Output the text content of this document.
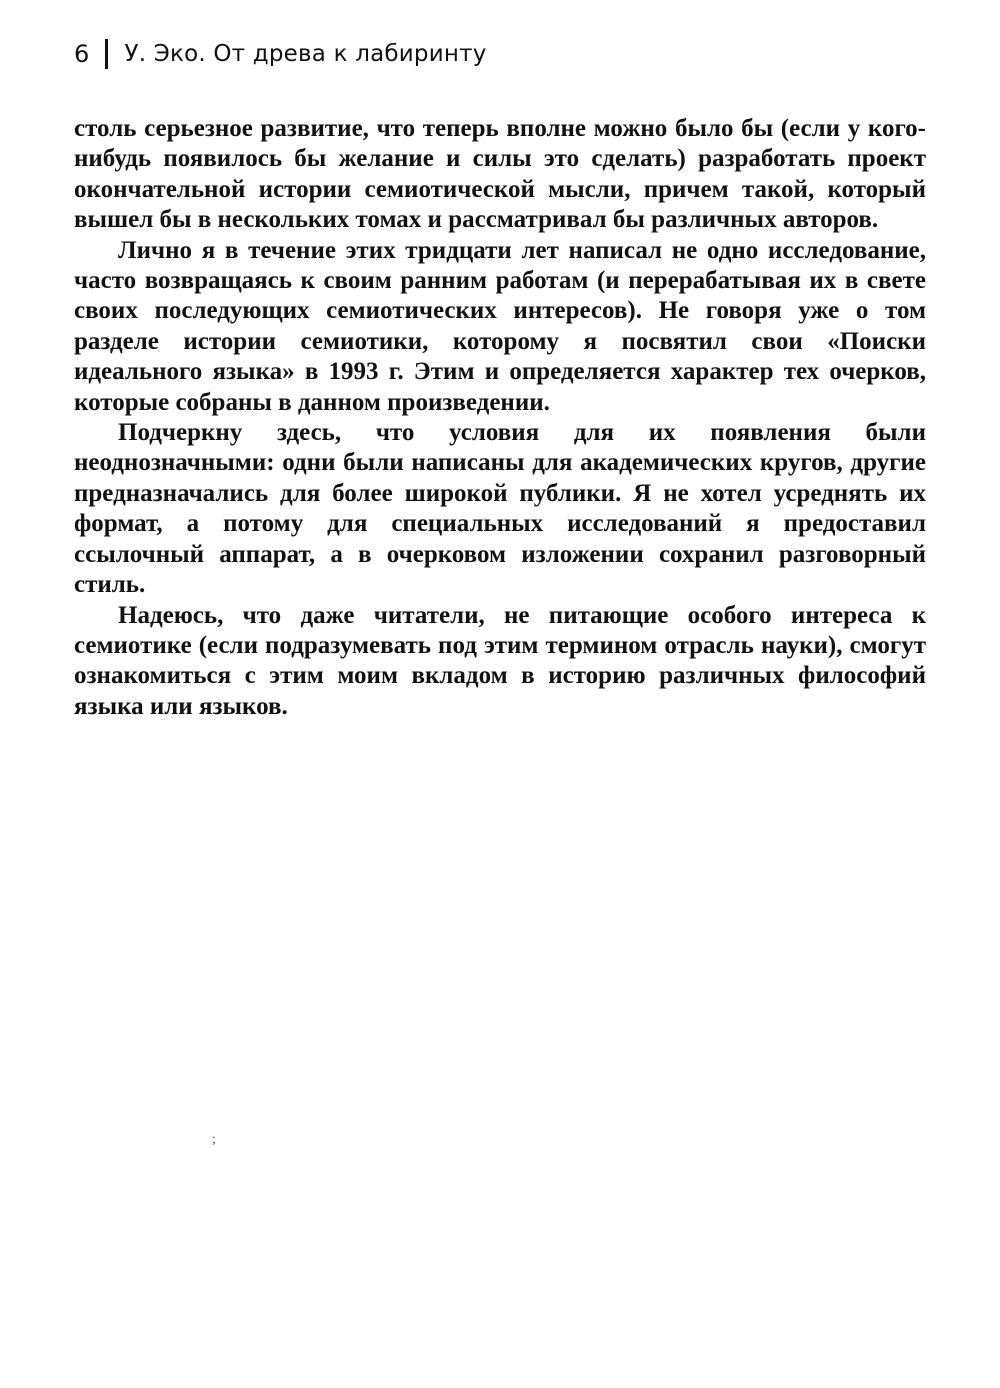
6 У. Эко. От древа к лабиринту

столь серьезное развитие, что теперь вполне можно было бы (если у кого-нибудь появилось бы желание и силы это сделать) разработать проект окончательной истории семиотической мысли, причем такой, который вышел бы в нескольких томах и рассматривал бы различных авторов.

Лично я в течение этих тридцати лет написал не одно исследование, часто возвращаясь к своим ранним работам (и перерабатывая их в свете своих последующих семиотических интересов). Не говоря уже о том разделе истории семиотики, которому я посвятил свои «Поиски идеального языка» в 1993 г. Этим и определяется характер тех очерков, которые собраны в данном произведении.

Подчеркну здесь, что условия для их появления были неоднозначными: одни были написаны для академических кругов, другие предназначались для более широкой публики. Я не хотел усреднять их формат, а потому для специальных исследований я предоставил ссылочный аппарат, а в очерковом изложении сохранил разговорный стиль.

Надеюсь, что даже читатели, не питающие особого интереса к семиотике (если подразумевать под этим термином отрасль науки), смогут ознакомиться с этим моим вкладом в историю различных философий языка или языков.

;
